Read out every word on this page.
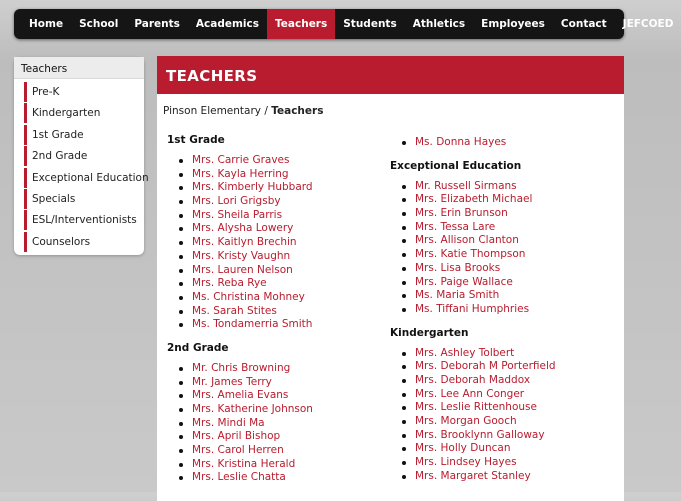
Home	School	Parents	Academics	Teachers	Students	Athletics	Employees	Contact	JEFCOED
Teachers
Pre-K
Kindergarten
1st Grade
2nd Grade
Exceptional Education
Specials
ESL/Interventionists
Counselors
TEACHERS
Pinson Elementary / Teachers
1st Grade
Mrs. Carrie Graves
Mrs. Kayla Herring
Mrs. Kimberly Hubbard
Mrs. Lori Grigsby
Mrs. Sheila Parris
Mrs. Alysha Lowery
Mrs. Kaitlyn Brechin
Mrs. Kristy Vaughn
Mrs. Lauren Nelson
Mrs. Reba Rye
Ms. Christina Mohney
Ms. Sarah Stites
Ms. Tondamerria Smith
2nd Grade
Mr. Chris Browning
Mr. James Terry
Mrs. Amelia Evans
Mrs. Katherine Johnson
Mrs. Mindi Ma
Mrs. April Bishop
Mrs. Carol Herren
Mrs. Kristina Herald
Mrs. Leslie Chatta
Ms. Donna Hayes
Exceptional Education
Mr. Russell Sirmans
Mrs. Elizabeth Michael
Mrs. Erin Brunson
Mrs. Tessa Lare
Mrs. Allison Clanton
Mrs. Katie Thompson
Mrs. Lisa Brooks
Mrs. Paige Wallace
Ms. Maria Smith
Ms. Tiffani Humphries
Kindergarten
Mrs. Ashley Tolbert
Mrs. Deborah M Porterfield
Mrs. Deborah Maddox
Mrs. Lee Ann Conger
Mrs. Leslie Rittenhouse
Mrs. Morgan Gooch
Mrs. Brooklynn Galloway
Mrs. Holly Duncan
Mrs. Lindsey Hayes
Mrs. Margaret Stanley
